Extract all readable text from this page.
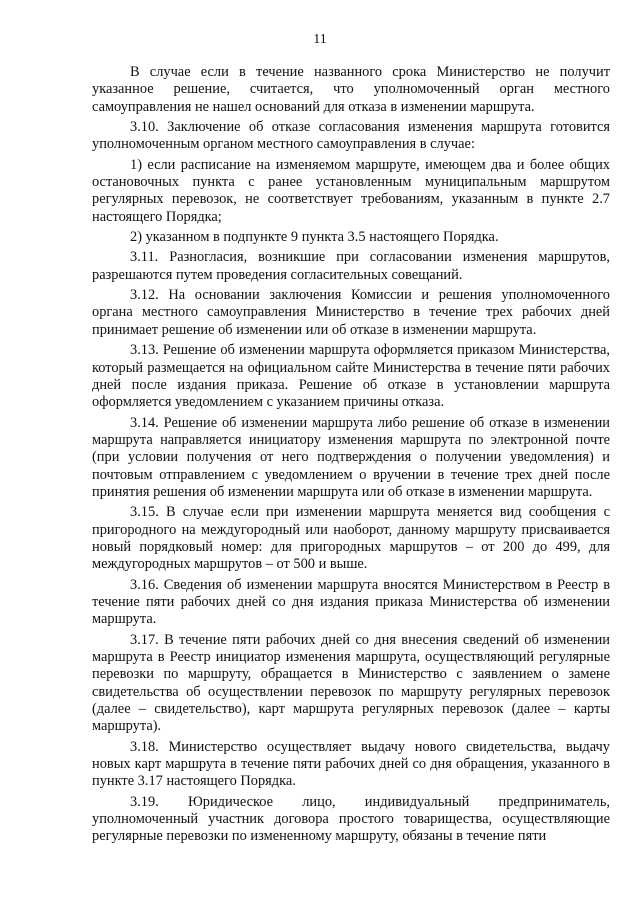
11

В случае если в течение названного срока Министерство не получит указанное решение, считается, что уполномоченный орган местного самоуправления не нашел оснований для отказа в изменении маршрута.

3.10. Заключение об отказе согласования изменения маршрута готовится уполномоченным органом местного самоуправления в случае:

1) если расписание на изменяемом маршруте, имеющем два и более общих остановочных пункта с ранее установленным муниципальным маршрутом регулярных перевозок, не соответствует требованиям, указанным в пункте 2.7 настоящего Порядка;

2) указанном в подпункте 9 пункта 3.5 настоящего Порядка.

3.11. Разногласия, возникшие при согласовании изменения маршрутов, разрешаются путем проведения согласительных совещаний.

3.12. На основании заключения Комиссии и решения уполномоченного органа местного самоуправления Министерство в течение трех рабочих дней принимает решение об изменении или об отказе в изменении маршрута.

3.13. Решение об изменении маршрута оформляется приказом Министерства, который размещается на официальном сайте Министерства в течение пяти рабочих дней после издания приказа. Решение об отказе в установлении маршрута оформляется уведомлением с указанием причины отказа.

3.14. Решение об изменении маршрута либо решение об отказе в изменении маршрута направляется инициатору изменения маршрута по электронной почте (при условии получения от него подтверждения о получении уведомления) и почтовым отправлением с уведомлением о вручении в течение трех дней после принятия решения об изменении маршрута или об отказе в изменении маршрута.

3.15. В случае если при изменении маршрута меняется вид сообщения с пригородного на междугородный или наоборот, данному маршруту присваивается новый порядковый номер: для пригородных маршрутов – от 200 до 499, для междугородных маршрутов – от 500 и выше.

3.16. Сведения об изменении маршрута вносятся Министерством в Реестр в течение пяти рабочих дней со дня издания приказа Министерства об изменении маршрута.

3.17. В течение пяти рабочих дней со дня внесения сведений об изменении маршрута в Реестр инициатор изменения маршрута, осуществляющий регулярные перевозки по маршруту, обращается в Министерство с заявлением о замене свидетельства об осуществлении перевозок по маршруту регулярных перевозок (далее – свидетельство), карт маршрута регулярных перевозок (далее – карты маршрута).

3.18. Министерство осуществляет выдачу нового свидетельства, выдачу новых карт маршрута в течение пяти рабочих дней со дня обращения, указанного в пункте 3.17 настоящего Порядка.

3.19. Юридическое лицо, индивидуальный предприниматель, уполномоченный участник договора простого товарищества, осуществляющие регулярные перевозки по измененному маршруту, обязаны в течение пяти
